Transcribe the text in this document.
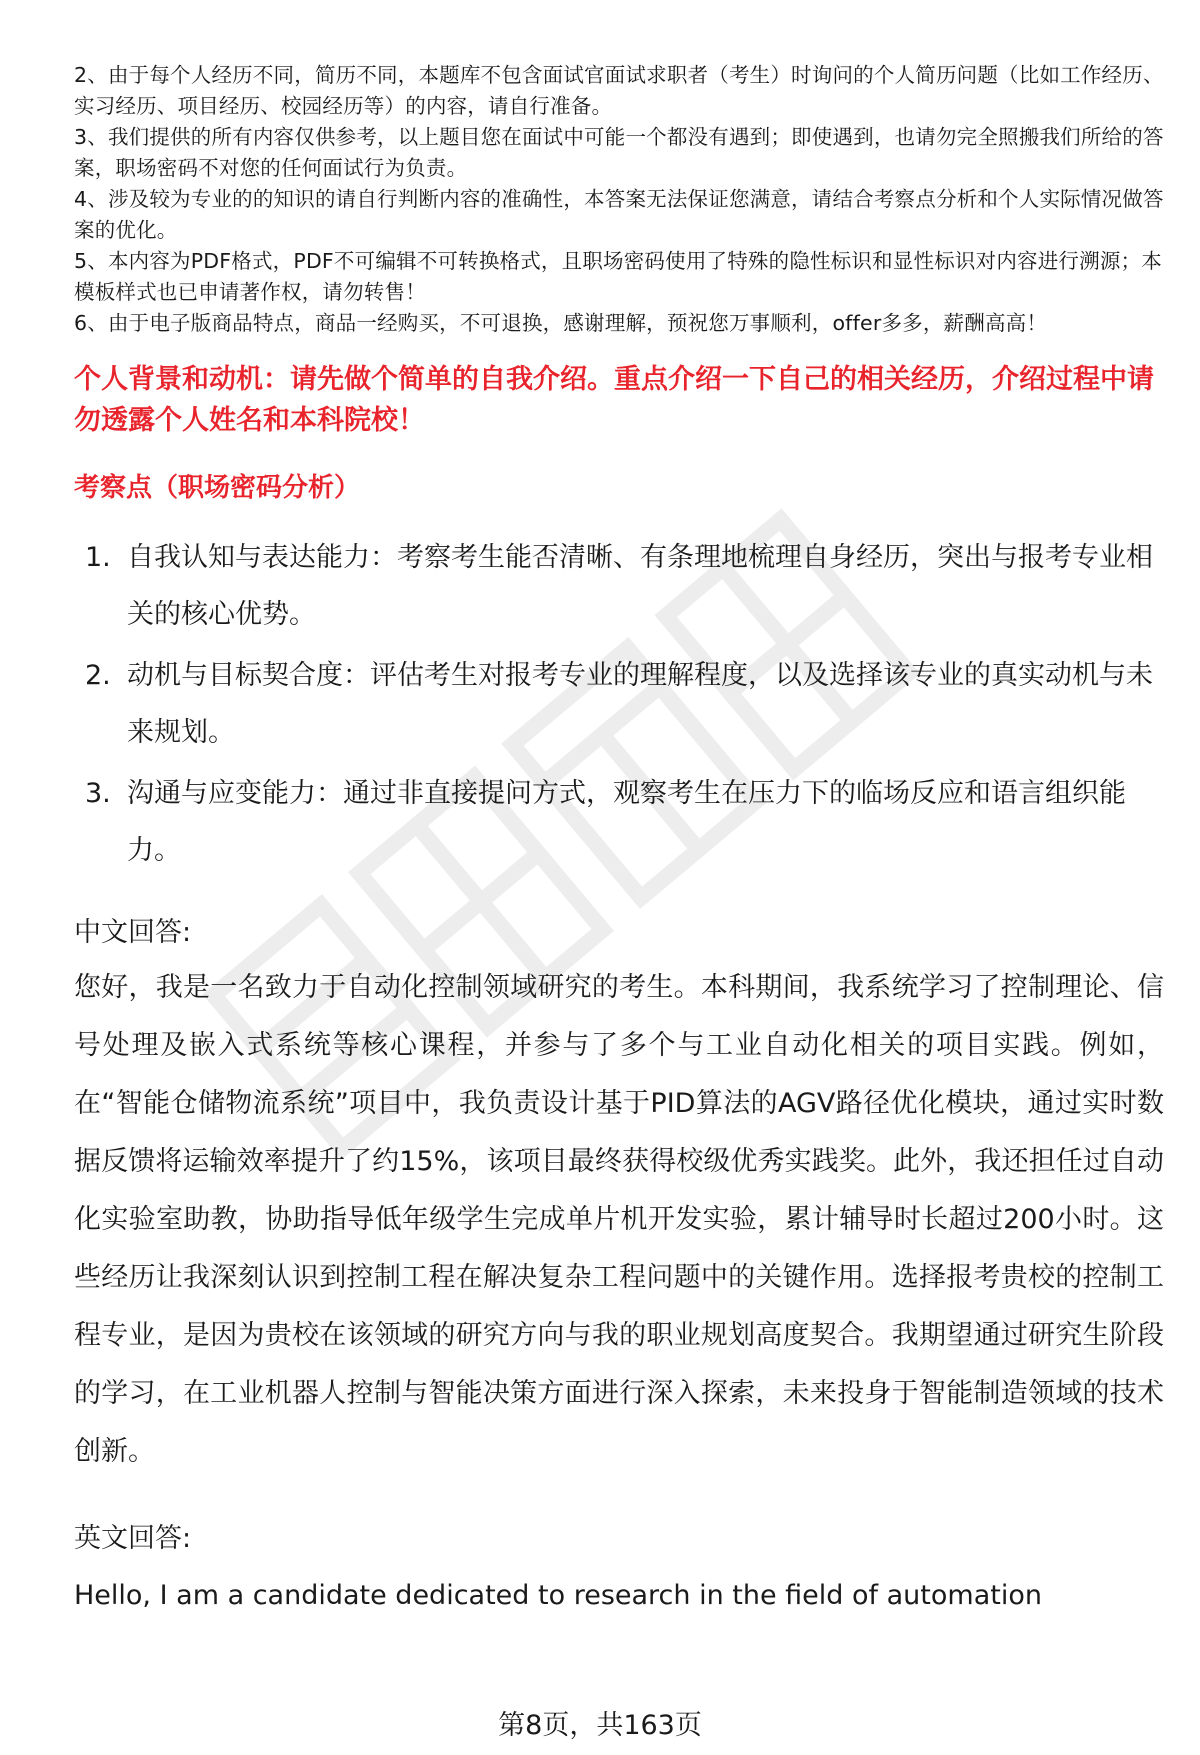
2、由于每个人经历不同，简历不同，本题库不包含面试官面试求职者（考生）时询问的个人简历问题（比如工作经历、实习经历、项目经历、校园经历等）的内容，请自行准备。

3、我们提供的所有内容仅供参考，以上题目您在面试中可能一个都没有遇到；即使遇到，也请勿完全照搬我们所给的答案，职场密码不对您的任何面试行为负责。

4、涉及较为专业的的知识的请自行判断内容的准确性，本答案无法保证您满意，请结合考察点分析和个人实际情况做答案的优化。

5、本内容为PDF格式，PDF不可编辑不可转换格式，且职场密码使用了特殊的隐性标识和显性标识对内容进行溯源；本模板样式也已申请著作权，请勿转售！

6、由于电子版商品特点，商品一经购买，不可退换，感谢理解，预祝您万事顺利，offer多多，薪酬高高！

个人背景和动机：请先做个简单的自我介绍。重点介绍一下自己的相关经历，介绍过程中请勿透露个人姓名和本科院校！
考察点（职场密码分析）
1. 自我认知与表达能力：考察考生能否清晰、有条理地梳理自身经历，突出与报考专业相关的核心优势。
2. 动机与目标契合度：评估考生对报考专业的理解程度，以及选择该专业的真实动机与未来规划。
3. 沟通与应变能力：通过非直接提问方式，观察考生在压力下的临场反应和语言组织能力。
中文回答:
您好，我是一名致力于自动化控制领域研究的考生。本科期间，我系统学习了控制理论、信号处理及嵌入式系统等核心课程，并参与了多个与工业自动化相关的项目实践。例如，在“智能仓储物流系统”项目中，我负责设计基于PID算法的AGV路径优化模块，通过实时数据反馈将运输效率提升了约15%，该项目最终获得校级优秀实践奖。此外，我还担任过自动化实验室助教，协助指导低年级学生完成单片机开发实验，累计辅导时长超过200小时。这些经历让我深刻认识到控制工程在解决复杂工程问题中的关键作用。选择报考贵校的控制工程专业，是因为贵校在该领域的研究方向与我的职业规划高度契合。我期望通过研究生阶段的学习，在工业机器人控制与智能决策方面进行深入探索，未来投身于智能制造领域的技术创新。
英文回答:
Hello, I am a candidate dedicated to research in the field of automation
第8页，共163页
